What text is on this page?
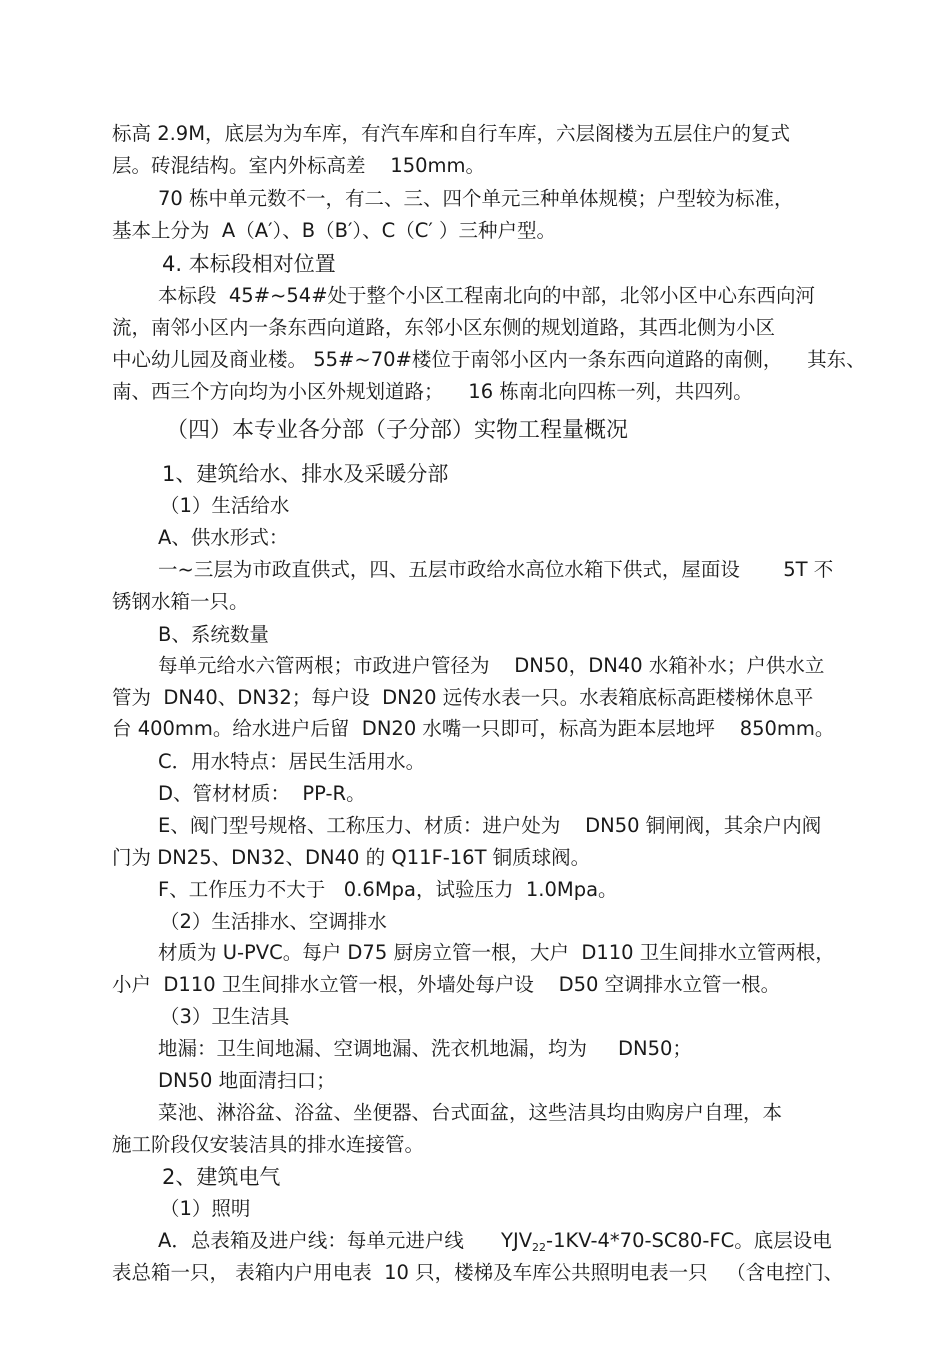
标高 2.9M，底层为为车库，有汽车库和自行车库，六层阁楼为五层住户的复式
层。砖混结构。室内外标高差    150mm。
70 栋中单元数不一，有二、三、四个单元三种单体规模；户型较为标准，
基本上分为  A（A′）、B（B′）、C（C′ ）三种户型。
4. 本标段相对位置
本标段  45#~54#处于整个小区工程南北向的中部，北邻小区中心东西向河
流，南邻小区内一条东西向道路，东邻小区东侧的规划道路，其西北侧为小区
中心幼儿园及商业楼。 55#~70#楼位于南邻小区内一条东西向道路的南侧，    其东、
南、西三个方向均为小区外规划道路；    16 栋南北向四栋一列，共四列。
（四）本专业各分部（子分部）实物工程量概况
1、建筑给水、排水及采暖分部
（1）生活给水
A、供水形式：
一~三层为市政直供式，四、五层市政给水高位水箱下供式，屋面设       5T 不
锈钢水箱一只。
B、系统数量
每单元给水六管两根；市政进户管径为    DN50，DN40 水箱补水；户供水立
管为  DN40、DN32；每户设  DN20 远传水表一只。水表箱底标高距楼梯休息平
台 400mm。给水进户后留  DN20 水嘴一只即可，标高为距本层地坪    850mm。
C．用水特点：居民生活用水。
D、管材材质：  PP-R。
E、阀门型号规格、工称压力、材质：进户处为    DN50 铜闸阀，其余户内阀
门为 DN25、DN32、DN40 的 Q11F-16T 铜质球阀。
F、工作压力不大于   0.6Mpa，试验压力  1.0Mpa。
（2）生活排水、空调排水
材质为 U-PVC。每户 D75 厨房立管一根，大户  D110 卫生间排水立管两根，
小户  D110 卫生间排水立管一根，外墙处每户设    D50 空调排水立管一根。
（3）卫生洁具
地漏：卫生间地漏、空调地漏、洗衣机地漏，均为     DN50；
DN50 地面清扫口；
菜池、淋浴盆、浴盆、坐便器、台式面盆，这些洁具均由购房户自理，本
施工阶段仅安装洁具的排水连接管。
2、建筑电气
（1）照明
A．总表箱及进户线：每单元进户线      $YJV_{22}-1KV-4*70-SC80-FC$。底层设电
表总箱一只， 表箱内户用电表  10 只，楼梯及车库公共照明电表一只   （含电控门、
